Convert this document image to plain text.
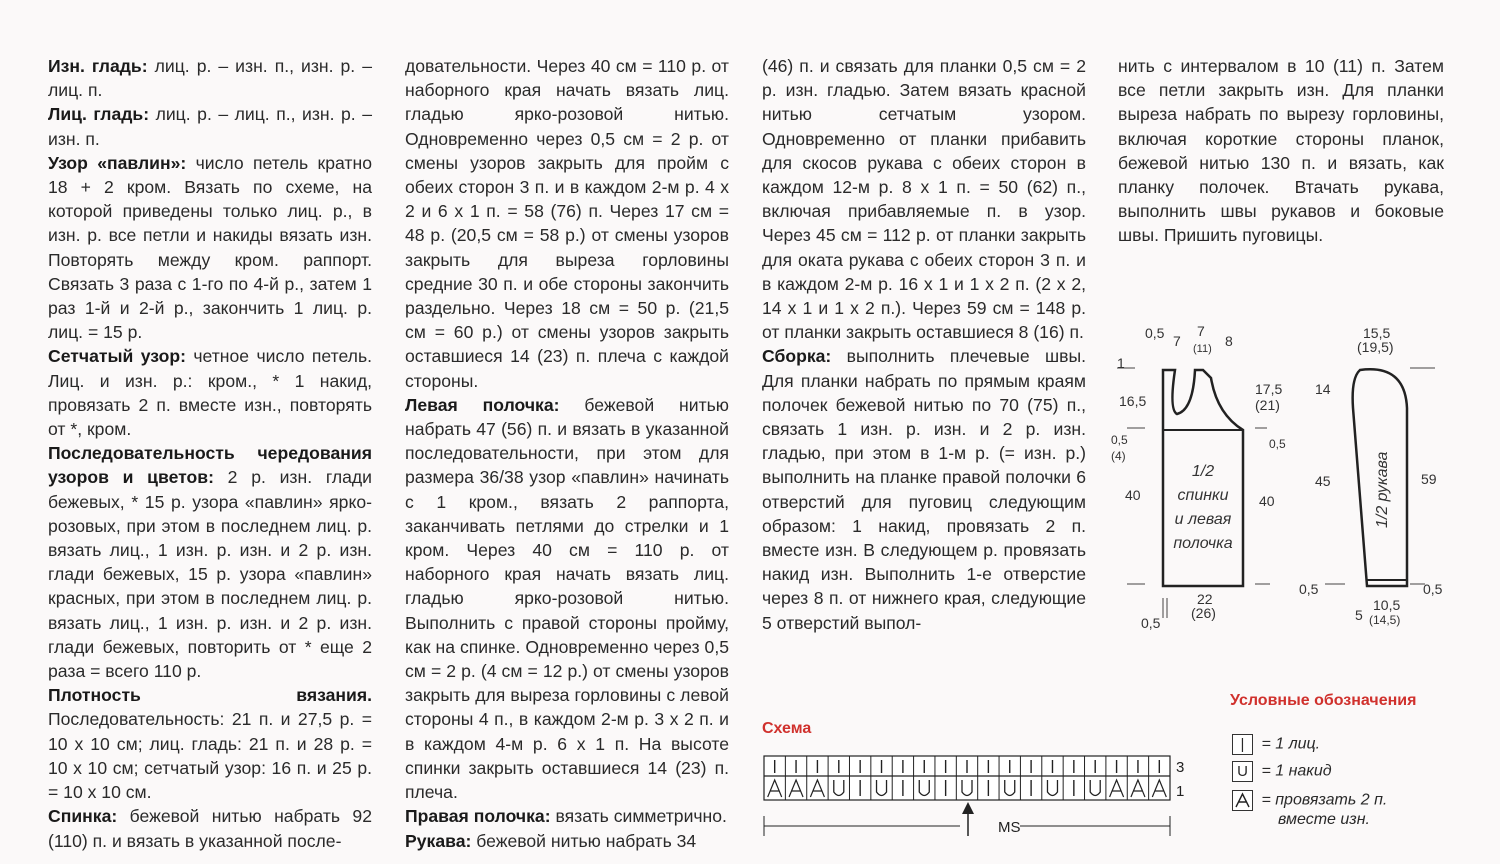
Изн. гладь: лиц. р. – изн. п., изн. р. – лиц. п.

Лиц. гладь: лиц. р. – лиц. п., изн. р. – изн. п.

Узор «павлин»: число петель кратно 18 + 2 кром. Вязать по схеме, на которой приведены только лиц. р., в изн. р. все петли и накиды вязать изн. Повторять между кром. раппорт. Связать 3 раза с 1-го по 4-й р., затем 1 раз 1-й и 2-й р., закончить 1 лиц. р. лиц. = 15 р.

Сетчатый узор: четное число петель. Лиц. и изн. р.: кром., * 1 накид, провязать 2 п. вместе изн., повторять от *, кром.

Последовательность чередования узоров и цветов: 2 р. изн. глади бежевых, * 15 р. узора «павлин» ярко-розовых, при этом в последнем лиц. р. вязать лиц., 1 изн. р. изн. и 2 р. изн. глади бежевых, 15 р. узора «павлин» красных, при этом в последнем лиц. р. вязать лиц., 1 изн. р. изн. и 2 р. изн. глади бежевых, повторить от * еще 2 раза = всего 110 р.

Плотность вязания. Последовательность: 21 п. и 27,5 р. = 10 x 10 см; лиц. гладь: 21 п. и 28 р. = 10 x 10 см; сетчатый узор: 16 п. и 25 р. = 10 x 10 см.

Спинка: бежевой нитью набрать 92 (110) п. и вязать в указанной после-

довательности. Через 40 см = 110 р. от наборного края начать вязать лиц. гладью ярко-розовой нитью. Одновременно через 0,5 см = 2 р. от смены узоров закрыть для пройм с обеих сторон 3 п. и в каждом 2-м р. 4 x 2 и 6 x 1 п. = 58 (76) п. Через 17 см = 48 р. (20,5 см = 58 р.) от смены узоров закрыть для выреза горловины средние 30 п. и обе стороны закончить раздельно. Через 18 см = 50 р. (21,5 см = 60 р.) от смены узоров закрыть оставшиеся 14 (23) п. плеча с каждой стороны.

Левая полочка: бежевой нитью набрать 47 (56) п. и вязать в указанной последовательности, при этом для размера 36/38 узор «павлин» начинать с 1 кром., вязать 2 раппорта, заканчивать петлями до стрелки и 1 кром. Через 40 см = 110 р. от наборного края начать вязать лиц. гладью ярко-розовой нитью. Выполнить с правой стороны пройму, как на спинке. Одновременно через 0,5 см = 2 р. (4 см = 12 р.) от смены узоров закрыть для выреза горловины с левой стороны 4 п., в каждом 2-м р. 3 x 2 п. и в каждом 4-м р. 6 x 1 п. На высоте спинки закрыть оставшиеся 14 (23) п. плеча.

Правая полочка: вязать симметрично.

Рукава: бежевой нитью набрать 34

(46) п. и связать для планки 0,5 см = 2 р. изн. гладью. Затем вязать красной нитью сетчатым узором. Одновременно от планки прибавить для скосов рукава с обеих сторон в каждом 12-м р. 8 x 1 п. = 50 (62) п., включая прибавляемые п. в узор. Через 45 см = 112 р. от планки закрыть для оката рукава с обеих сторон 3 п. и в каждом 2-м р. 16 x 1 и 1 x 2 п. (2 x 2, 14 x 1 и 1 x 2 п.). Через 59 см = 148 р. от планки закрыть оставшиеся 8 (16) п.

Сборка: выполнить плечевые швы. Для планки набрать по прямым краям полочек бежевой нитью по 70 (75) п., связать 1 изн. р. изн. и 2 р. изн. гладью, при этом в 1-м р. (= изн. р.) выполнить на планке правой полочки 6 отверстий для пуговиц следующим образом: 1 накид, провязать 2 п. вместе изн. В следующем р. провязать накид изн. Выполнить 1-е отверстие через 8 п. от нижнего края, следующие 5 отверстий выпол-

нить с интервалом в 10 (11) п. Затем все петли закрыть изн. Для планки выреза набрать по вырезу горловины, включая короткие стороны планок, бежевой нитью 130 п. и вязать, как планку полочек. Втачать рукава, выполнить швы рукавов и боковые швы. Пришить пуговицы.

0,5 7
7
(11) 8
1
16,5
0,5
(4)
40
17,5
(21)
0,5
40
0,5
22
(26)
1/2
спинки
и левая
полочка
15,5
(19,5)
14
45	59
0,5
5
10,5
(14,5)
0,5
1/2 рукава
Схема
3
1
MS
Условные обозначения
| = 1 лиц.
U = 1 накид
= провязать 2 п.
вместе изн.
